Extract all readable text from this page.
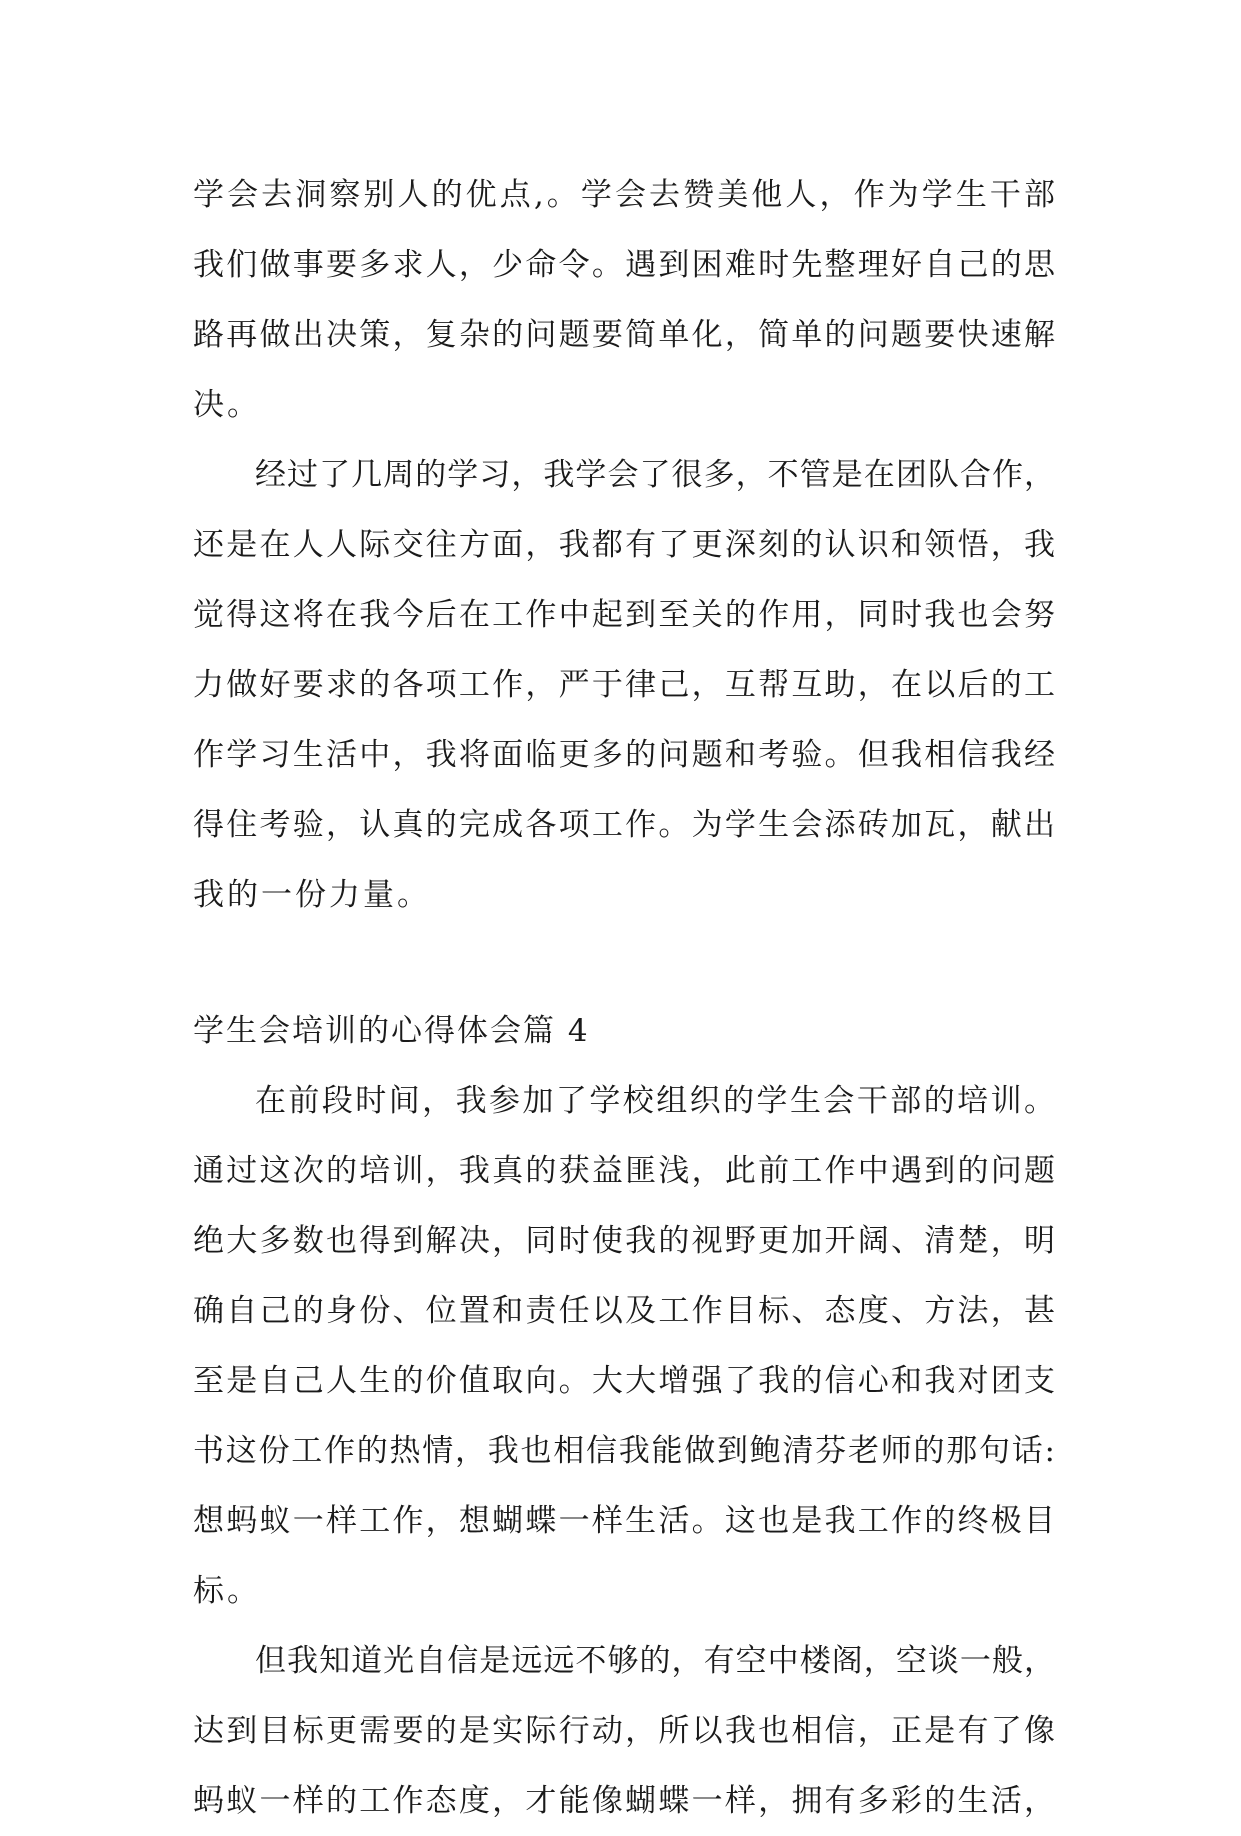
学会去洞察别人的优点,。学会去赞美他人，作为学生干部
我们做事要多求人，少命令。遇到困难时先整理好自己的思
路再做出决策，复杂的问题要简单化，简单的问题要快速解
决。
经过了几周的学习，我学会了很多，不管是在团队合作，
还是在人人际交往方面，我都有了更深刻的认识和领悟，我
觉得这将在我今后在工作中起到至关的作用，同时我也会努
力做好要求的各项工作，严于律己，互帮互助，在以后的工
作学习生活中，我将面临更多的问题和考验。但我相信我经
得住考验，认真的完成各项工作。为学生会添砖加瓦，献出
我的一份力量。
学生会培训的心得体会篇 4
在前段时间，我参加了学校组织的学生会干部的培训。
通过这次的培训，我真的获益匪浅，此前工作中遇到的问题
绝大多数也得到解决，同时使我的视野更加开阔、清楚，明
确自己的身份、位置和责任以及工作目标、态度、方法，甚
至是自己人生的价值取向。大大增强了我的信心和我对团支
书这份工作的热情，我也相信我能做到鲍清芬老师的那句话:
想蚂蚁一样工作，想蝴蝶一样生活。这也是我工作的终极目
标。
但我知道光自信是远远不够的，有空中楼阁，空谈一般，
达到目标更需要的是实际行动，所以我也相信，正是有了像
蚂蚁一样的工作态度，才能像蝴蝶一样，拥有多彩的生活，
